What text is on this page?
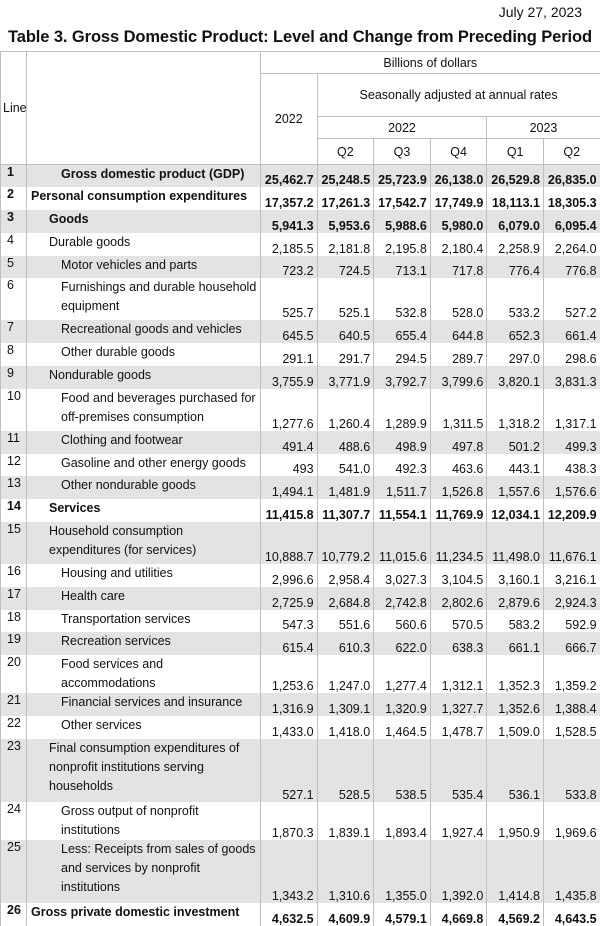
July 27, 2023
Table 3. Gross Domestic Product: Level and Change from Preceding Period
Line		Billions of dollars					
		2022	Seasonally adjusted at annual rates				
			2022			2023	
			Q2	Q3	Q4	Q1	Q2
1	Gross domestic product (GDP)	25,462.7	25,248.5	25,723.9	26,138.0	26,529.8	26,835.0
2	Personal consumption expenditures	17,357.2	17,261.3	17,542.7	17,749.9	18,113.1	18,305.3
3	Goods	5,941.3	5,953.6	5,988.6	5,980.0	6,079.0	6,095.4
4	Durable goods	2,185.5	2,181.8	2,195.8	2,180.4	2,258.9	2,264.0
5	Motor vehicles and parts	723.2	724.5	713.1	717.8	776.4	776.8
6	Furnishings and durable household equipment	525.7	525.1	532.8	528.0	533.2	527.2
7	Recreational goods and vehicles	645.5	640.5	655.4	644.8	652.3	661.4
8	Other durable goods	291.1	291.7	294.5	289.7	297.0	298.6
9	Nondurable goods	3,755.9	3,771.9	3,792.7	3,799.6	3,820.1	3,831.3
10	Food and beverages purchased for off-premises consumption	1,277.6	1,260.4	1,289.9	1,311.5	1,318.2	1,317.1
11	Clothing and footwear	491.4	488.6	498.9	497.8	501.2	499.3
12	Gasoline and other energy goods	493	541.0	492.3	463.6	443.1	438.3
13	Other nondurable goods	1,494.1	1,481.9	1,511.7	1,526.8	1,557.6	1,576.6
14	Services	11,415.8	11,307.7	11,554.1	11,769.9	12,034.1	12,209.9
15	Household consumption expenditures (for services)	10,888.7	10,779.2	11,015.6	11,234.5	11,498.0	11,676.1
16	Housing and utilities	2,996.6	2,958.4	3,027.3	3,104.5	3,160.1	3,216.1
17	Health care	2,725.9	2,684.8	2,742.8	2,802.6	2,879.6	2,924.3
18	Transportation services	547.3	551.6	560.6	570.5	583.2	592.9
19	Recreation services	615.4	610.3	622.0	638.3	661.1	666.7
20	Food services and accommodations	1,253.6	1,247.0	1,277.4	1,312.1	1,352.3	1,359.2
21	Financial services and insurance	1,316.9	1,309.1	1,320.9	1,327.7	1,352.6	1,388.4
22	Other services	1,433.0	1,418.0	1,464.5	1,478.7	1,509.0	1,528.5
23	Final consumption expenditures of nonprofit institutions serving households	527.1	528.5	538.5	535.4	536.1	533.8
24	Gross output of nonprofit institutions	1,870.3	1,839.1	1,893.4	1,927.4	1,950.9	1,969.6
25	Less: Receipts from sales of goods and services by nonprofit institutions	1,343.2	1,310.6	1,355.0	1,392.0	1,414.8	1,435.8
26	Gross private domestic investment	4,632.5	4,609.9	4,579.1	4,669.8	4,569.2	4,643.5
